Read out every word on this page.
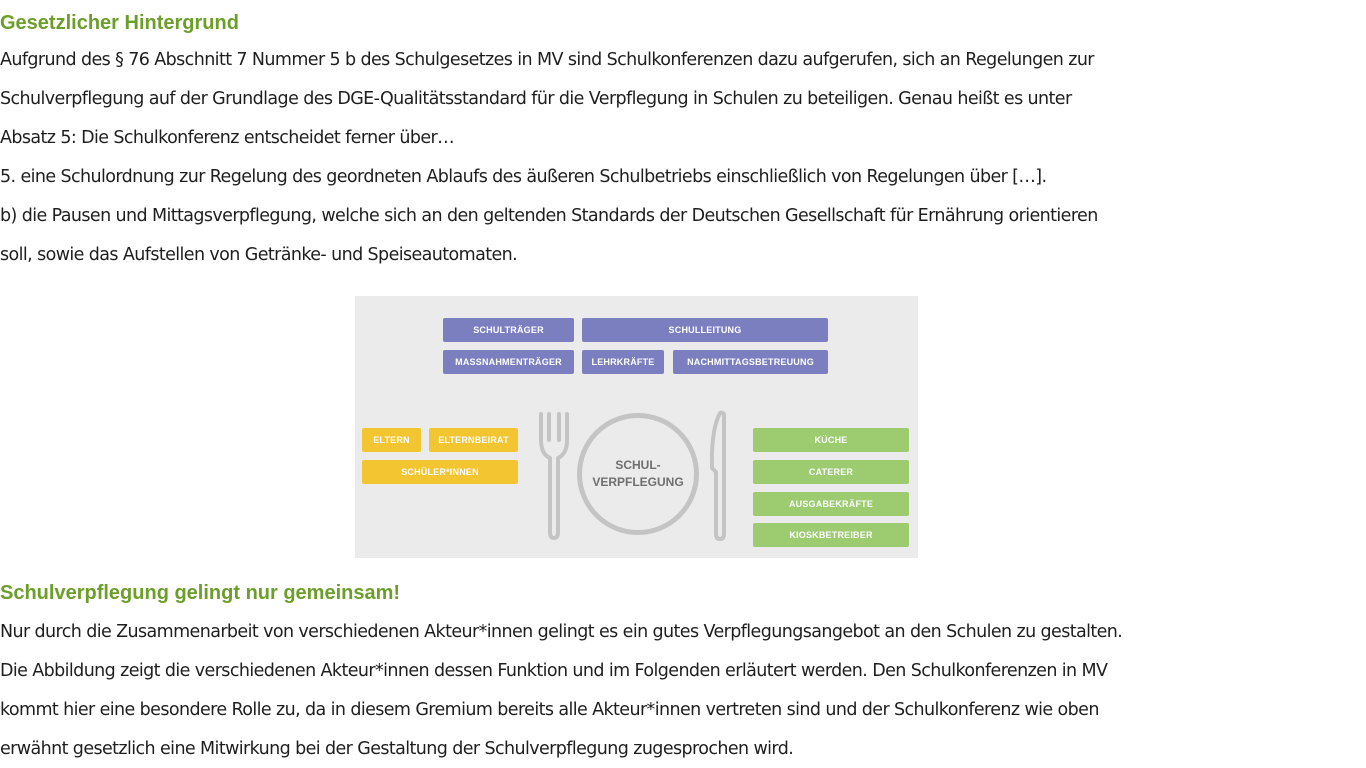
Gesetzlicher Hintergrund

Aufgrund des § 76 Abschnitt 7 Nummer 5 b des Schulgesetzes in MV sind Schulkonferenzen dazu aufgerufen, sich an Regelungen zur

Schulverpflegung auf der Grundlage des DGE-Qualitätsstandard für die Verpflegung in Schulen zu beteiligen. Genau heißt es unter

Absatz 5: Die Schulkonferenz entscheidet ferner über…

5. eine Schulordnung zur Regelung des geordneten Ablaufs des äußeren Schulbetriebs einschließlich von Regelungen über […].

b) die Pausen und Mittagsverpflegung, welche sich an den geltenden Standards der Deutschen Gesellschaft für Ernährung orientieren

soll, sowie das Aufstellen von Getränke- und Speiseautomaten.

SCHULTRÄGER	SCHULLEITUNG
MASSNAHMENTRÄGER	LEHRKRÄFTE	NACHMITTAGSBETREUUNG
ELTERN	ELTERNBEIRAT
SCHÜLER*INNEN
KÜCHE
CATERER
AUSGABEKRÄFTE
KIOSKBETREIBER
SCHUL-
VERPFLEGUNG
Schulverpflegung gelingt nur gemeinsam!

Nur durch die Zusammenarbeit von verschiedenen Akteur*innen gelingt es ein gutes Verpflegungsangebot an den Schulen zu gestalten.

Die Abbildung zeigt die verschiedenen Akteur*innen dessen Funktion und im Folgenden erläutert werden. Den Schulkonferenzen in MV

kommt hier eine besondere Rolle zu, da in diesem Gremium bereits alle Akteur*innen vertreten sind und der Schulkonferenz wie oben

erwähnt gesetzlich eine Mitwirkung bei der Gestaltung der Schulverpflegung zugesprochen wird.
